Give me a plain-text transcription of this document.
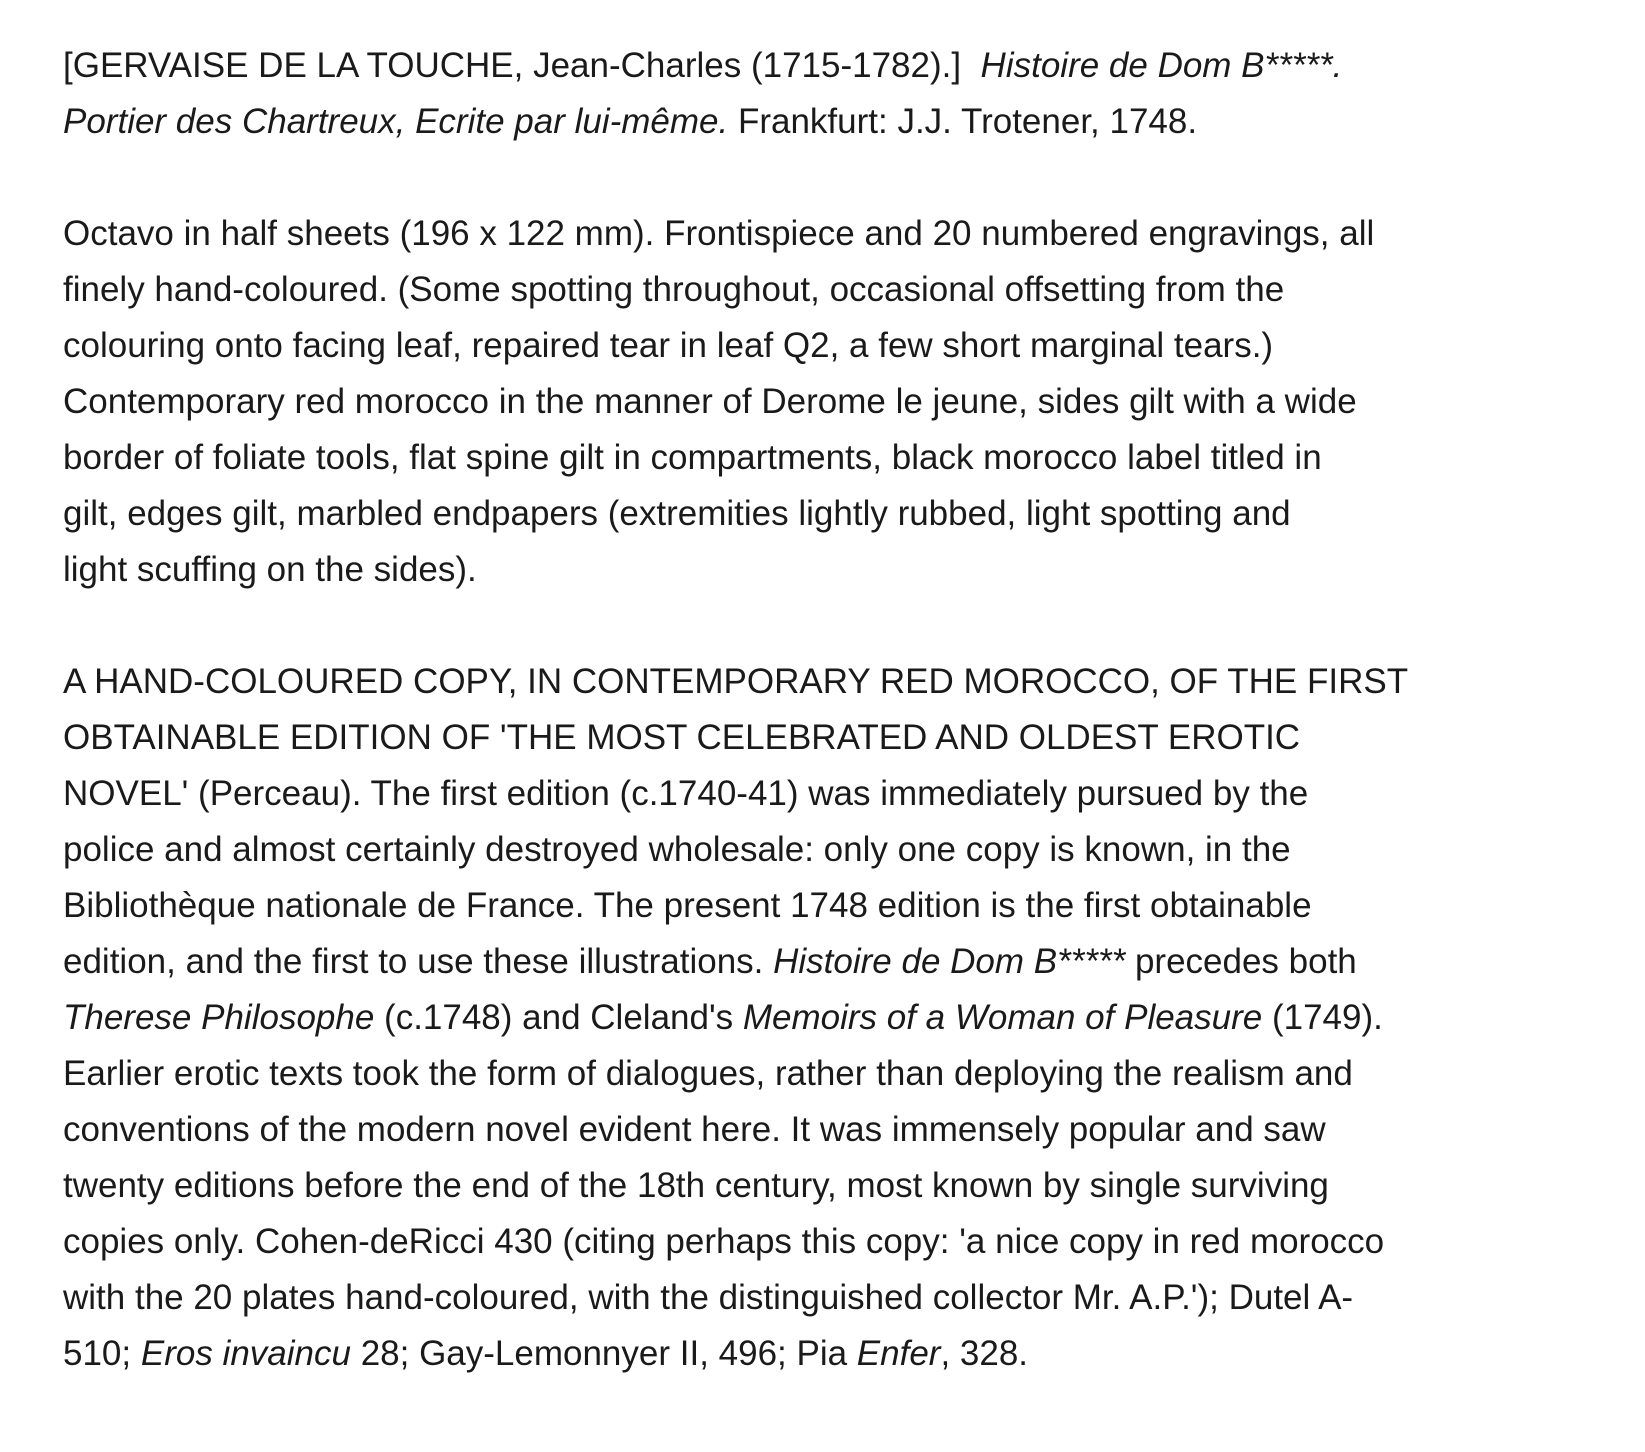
[GERVAISE DE LA TOUCHE, Jean-Charles (1715-1782).] Histoire de Dom B*****.
Portier des Chartreux, Ecrite par lui-même. Frankfurt: J.J. Trotener, 1748.

Octavo in half sheets (196 x 122 mm). Frontispiece and 20 numbered engravings, all
finely hand-coloured. (Some spotting throughout, occasional offsetting from the
colouring onto facing leaf, repaired tear in leaf Q2, a few short marginal tears.)
Contemporary red morocco in the manner of Derome le jeune, sides gilt with a wide
border of foliate tools, flat spine gilt in compartments, black morocco label titled in
gilt, edges gilt, marbled endpapers (extremities lightly rubbed, light spotting and
light scuffing on the sides).

A HAND-COLOURED COPY, IN CONTEMPORARY RED MOROCCO, OF THE FIRST
OBTAINABLE EDITION OF 'THE MOST CELEBRATED AND OLDEST EROTIC
NOVEL' (Perceau). The first edition (c.1740-41) was immediately pursued by the
police and almost certainly destroyed wholesale: only one copy is known, in the
Bibliothèque nationale de France. The present 1748 edition is the first obtainable
edition, and the first to use these illustrations. Histoire de Dom B***** precedes both
Therese Philosophe (c.1748) and Cleland's Memoirs of a Woman of Pleasure (1749).
Earlier erotic texts took the form of dialogues, rather than deploying the realism and
conventions of the modern novel evident here. It was immensely popular and saw
twenty editions before the end of the 18th century, most known by single surviving
copies only. Cohen-deRicci 430 (citing perhaps this copy: 'a nice copy in red morocco
with the 20 plates hand-coloured, with the distinguished collector Mr. A.P.'); Dutel A-
510; Eros invaincu 28; Gay-Lemonnyer II, 496; Pia Enfer, 328.
